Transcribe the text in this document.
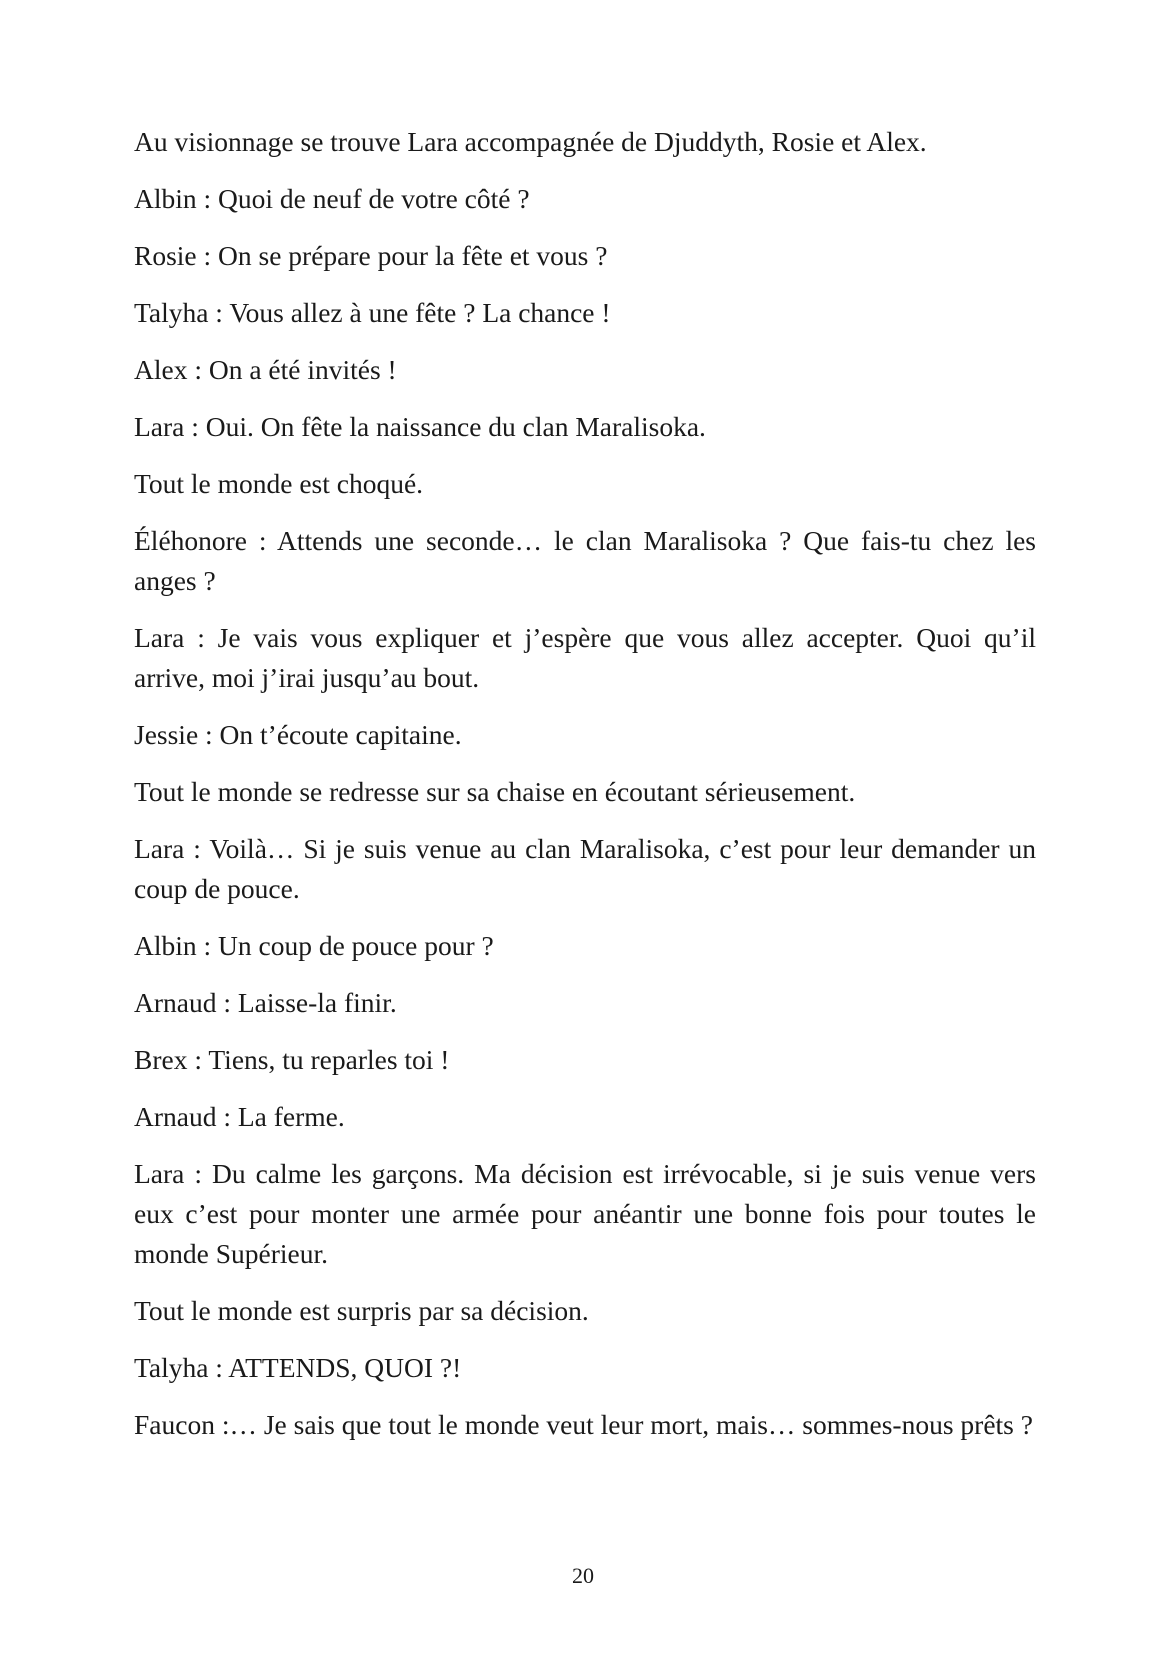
Au visionnage se trouve Lara accompagnée de Djuddyth, Rosie et Alex.

Albin : Quoi de neuf de votre côté ?

Rosie : On se prépare pour la fête et vous ?

Talyha : Vous allez à une fête ? La chance !

Alex : On a été invités !

Lara : Oui. On fête la naissance du clan Maralisoka.

Tout le monde est choqué.

Éléhonore : Attends une seconde… le clan Maralisoka ? Que fais-tu chez les anges ?

Lara : Je vais vous expliquer et j’espère que vous allez accepter. Quoi qu’il arrive, moi j’irai jusqu’au bout.

Jessie : On t’écoute capitaine.

Tout le monde se redresse sur sa chaise en écoutant sérieusement.

Lara : Voilà… Si je suis venue au clan Maralisoka, c’est pour leur demander un coup de pouce.

Albin : Un coup de pouce pour ?

Arnaud : Laisse-la finir.

Brex : Tiens, tu reparles toi !

Arnaud : La ferme.

Lara : Du calme les garçons. Ma décision est irrévocable, si je suis venue vers eux c’est pour monter une armée pour anéantir une bonne fois pour toutes le monde Supérieur.

Tout le monde est surpris par sa décision.

Talyha : ATTENDS, QUOI ?!

Faucon :… Je sais que tout le monde veut leur mort, mais… sommes-nous prêts ?

20
